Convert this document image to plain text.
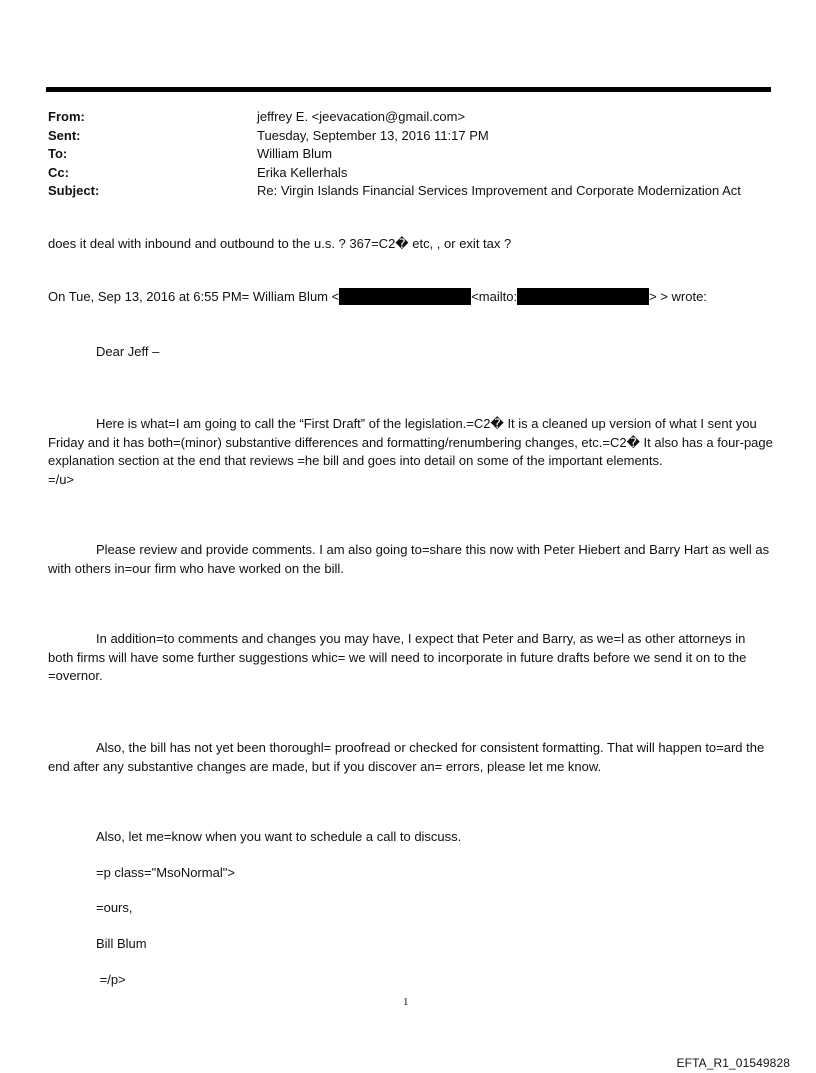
From:	jeffrey E. <jeevacation@gmail.com>
Sent:	Tuesday, September 13, 2016 11:17 PM
To:	William Blum
Cc:	Erika Kellerhals
Subject:	Re: Virgin Islands Financial Services Improvement and Corporate Modernization Act
does it deal with inbound and outbound to the u.s. ? 367=C2� etc, , or exit tax ?
On Tue, Sep 13, 2016 at 6:55 PM= William Blum <	<mailto:	> > wrote:
Dear Jeff –
Here is what=I am going to call the “First Draft” of the legislation.=C2� It is a cleaned up version of what I sent you Friday and it has both=(minor) substantive differences and formatting/renumbering changes, etc.=C2� It also has a four-page explanation section at the end that reviews =he bill and goes into detail on some of the important elements.
=/u>
Please review and provide comments. I am also going to=share this now with Peter Hiebert and Barry Hart as well as with others in=our firm who have worked on the bill.
In addition=to comments and changes you may have, I expect that Peter and Barry, as we=l as other attorneys in both firms will have some further suggestions whic= we will need to incorporate in future drafts before we send it on to the =overnor.
Also, the bill has not yet been thoroughl= proofread or checked for consistent formatting. That will happen to=ard the end after any substantive changes are made, but if you discover an= errors, please let me know.
Also, let me=know when you want to schedule a call to discuss.
=p class="MsoNormal">
=ours,
Bill Blum
=/p>
1
EFTA_R1_01549828
